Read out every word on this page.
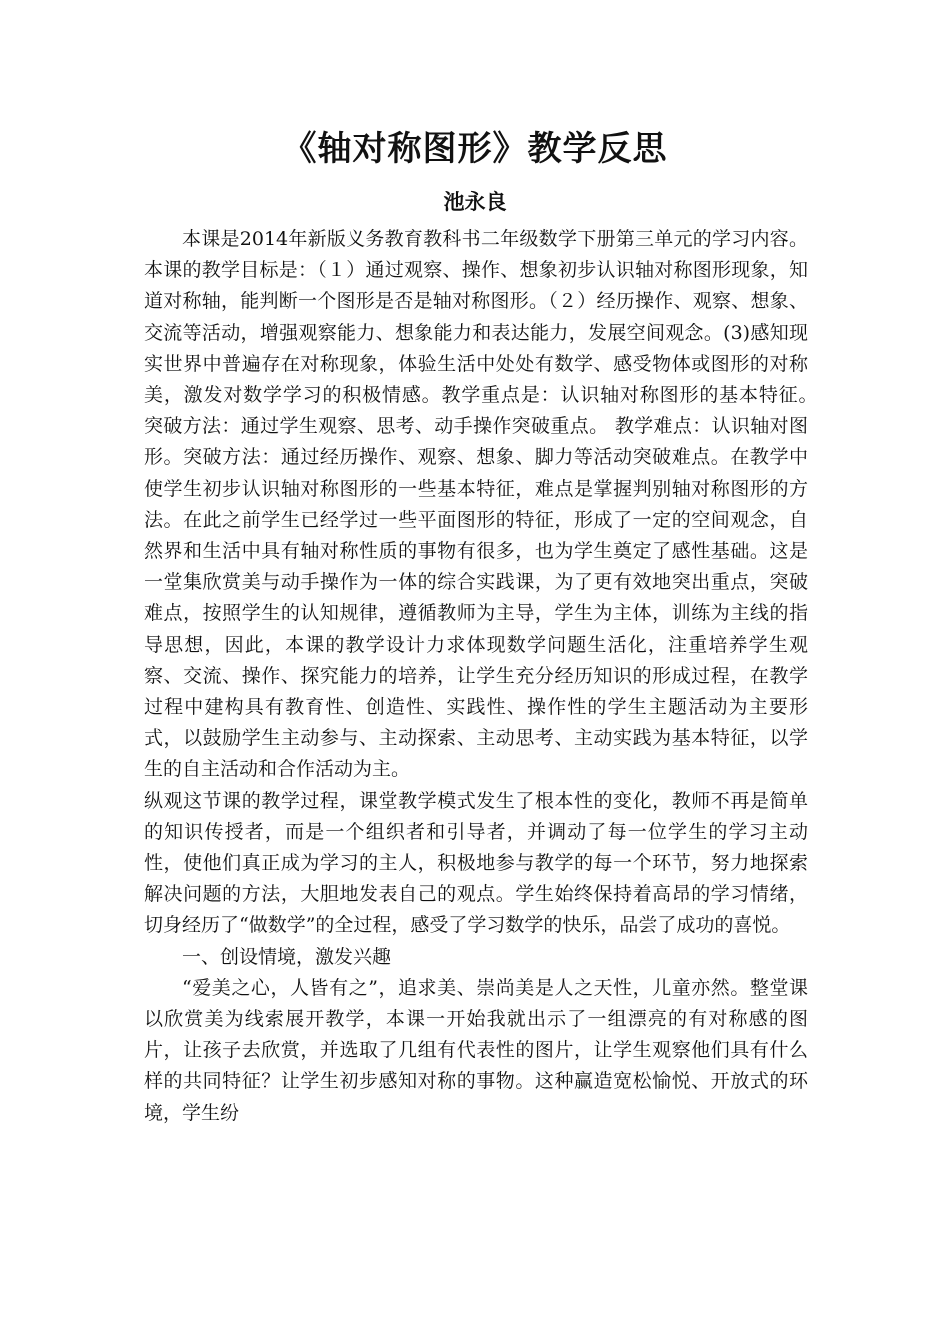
《轴对称图形》教学反思
池永良

本课是2014年新版义务教育教科书二年级数学下册第三单元的学习内容。本课的教学目标是：（１）通过观察、操作、想象初步认识轴对称图形现象，知道对称轴，能判断一个图形是否是轴对称图形。（２）经历操作、观察、想象、交流等活动，增强观察能力、想象能力和表达能力，发展空间观念。(3)感知现实世界中普遍存在对称现象，体验生活中处处有数学、感受物体或图形的对称美，激发对数学学习的积极情感。教学重点是：认识轴对称图形的基本特征。　突破方法：通过学生观察、思考、动手操作突破重点。 教学难点：认识轴对图形。突破方法：通过经历操作、观察、想象、脚力等活动突破难点。在教学中使学生初步认识轴对称图形的一些基本特征，难点是掌握判别轴对称图形的方法。在此之前学生已经学过一些平面图形的特征，形成了一定的空间观念，自然界和生活中具有轴对称性质的事物有很多，也为学生奠定了感性基础。这是一堂集欣赏美与动手操作为一体的综合实践课，为了更有效地突出重点，突破难点，按照学生的认知规律，遵循教师为主导，学生为主体，训练为主线的指导思想，因此，本课的教学设计力求体现数学问题生活化，注重培养学生观察、交流、操作、探究能力的培养，让学生充分经历知识的形成过程，在教学过程中建构具有教育性、创造性、实践性、操作性的学生主题活动为主要形式，以鼓励学生主动参与、主动探索、主动思考、主动实践为基本特征，以学生的自主活动和合作活动为主。

纵观这节课的教学过程，课堂教学模式发生了根本性的变化，教师不再是简单的知识传授者，而是一个组织者和引导者，并调动了每一位学生的学习主动性，使他们真正成为学习的主人，积极地参与教学的每一个环节，努力地探索解决问题的方法，大胆地发表自己的观点。学生始终保持着高昂的学习情绪，切身经历了“做数学”的全过程，感受了学习数学的快乐，品尝了成功的喜悦。

一、创设情境，激发兴趣

“爱美之心，人皆有之”，追求美、崇尚美是人之天性，儿童亦然。整堂课以欣赏美为线索展开教学，本课一开始我就出示了一组漂亮的有对称感的图片，让孩子去欣赏，并选取了几组有代表性的图片，让学生观察他们具有什么样的共同特征？让学生初步感知对称的事物。这种赢造宽松愉悦、开放式的环境，学生纷
